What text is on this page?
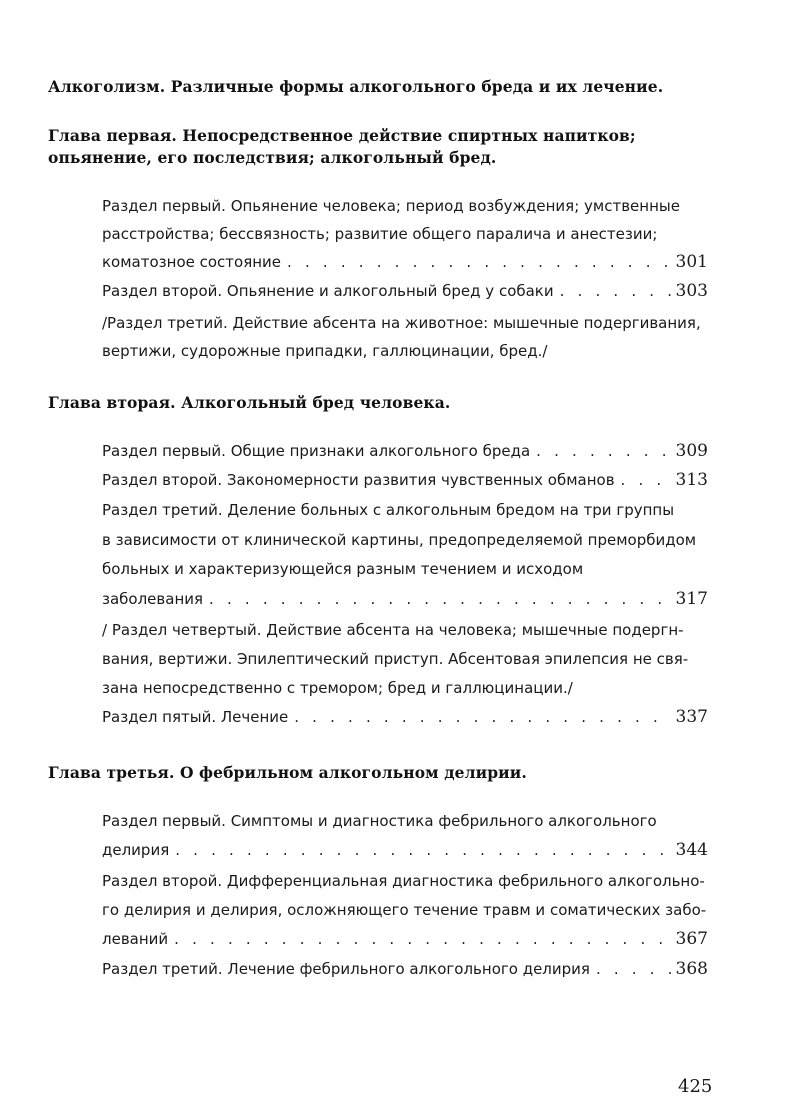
Алкоголизм. Различные формы алкогольного бреда и их лечение.
Глава первая. Непосредственное действие спиртных напитков;
опьянение, его последствия; алкогольный бред.
Раздел первый. Опьянение человека; период возбуждения; умственные
расстройства; бессвязность; развитие общего паралича и анестезии;
коматозное состояние . . .	301
Раздел второй. Опьянение и алкогольный бред у собаки . . .	303
/Раздел третий. Действие абсента на животное: мышечные подергивания,
вертижи, судорожные припадки, галлюцинации, бред./
Глава вторая. Алкогольный бред человека.
Раздел первый. Общие признаки алкогольного бреда . . .	309
Раздел второй. Закономерности развития чувственных обманов . . .	313
Раздел третий. Деление больных с алкогольным бредом на три группы
в зависимости от клинической картины, предопределяемой преморбидом
больных и характеризующейся разным течением и исходом
заболевания . . .	317
/ Раздел четвертый. Действие абсента на человека; мышечные подергн-
вания, вертижи. Эпилептический приступ. Абсентовая эпилепсия не свя-
зана непосредственно с тремором; бред и галлюцинации./
Раздел пятый. Лечение . . .	337
Глава третья. О фебрильном алкогольном делирии.
Раздел первый. Симптомы и диагностика фебрильного алкогольного
делирия . . .	344
Раздел второй. Дифференциальная диагностика фебрильного алкогольно-
го делирия и делирия, осложняющего течение травм и соматических забо-
леваний . . .	367
Раздел третий. Лечение фебрильного алкогольного делирия . . .	368
425
